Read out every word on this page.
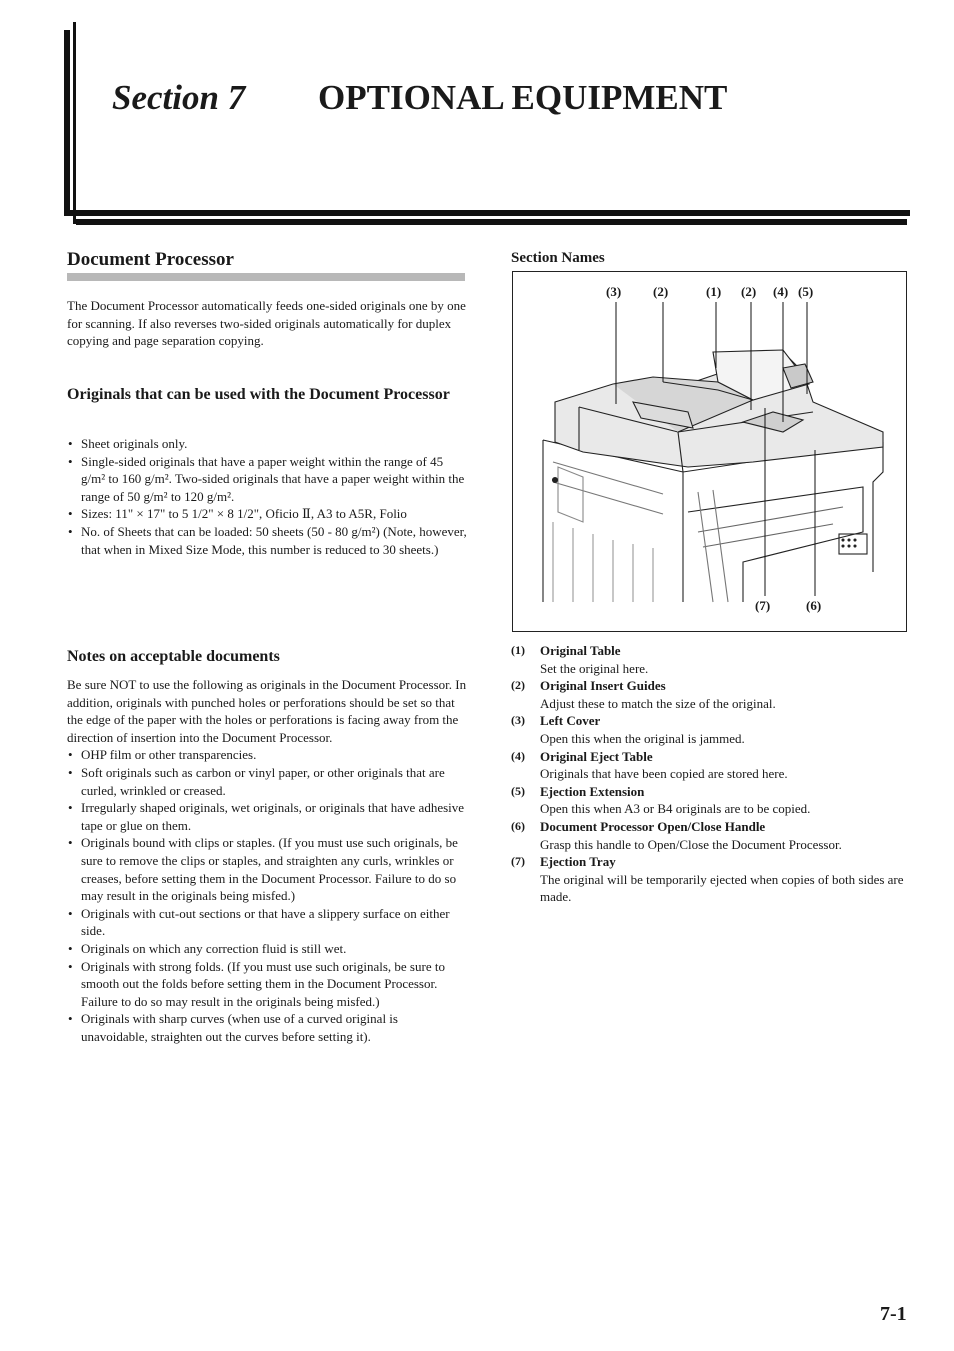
Section 7 OPTIONAL EQUIPMENT
Document Processor

The Document Processor automatically feeds one-sided originals one by one for scanning. If also reverses two-sided originals automatically for duplex copying and page separation copying.

Originals that can be used with the Document Processor
• Sheet originals only.
• Single-sided originals that have a paper weight within the range of 45 g/m² to 160 g/m². Two-sided originals that have a paper weight within the range of 50 g/m² to 120 g/m².
• Sizes: 11" × 17" to 5 1/2" × 8 1/2", Oficio Ⅱ, A3 to A5R, Folio
• No. of Sheets that can be loaded: 50 sheets (50 - 80 g/m²) (Note, however, that when in Mixed Size Mode, this number is reduced to 30 sheets.)
Notes on acceptable documents

Be sure NOT to use the following as originals in the Document Processor. In addition, originals with punched holes or perforations should be set so that the edge of the paper with the holes or perforations is facing away from the direction of insertion into the Document Processor.

• OHP film or other transparencies.
• Soft originals such as carbon or vinyl paper, or other originals that are curled, wrinkled or creased.
• Irregularly shaped originals, wet originals, or originals that have adhesive tape or glue on them.
• Originals bound with clips or staples. (If you must use such originals, be sure to remove the clips or staples, and straighten any curls, wrinkles or creases, before setting them in the Document Processor. Failure to do so may result in the originals being misfed.)
• Originals with cut-out sections or that have a slippery surface on either side.
• Originals on which any correction fluid is still wet.
• Originals with strong folds. (If you must use such originals, be sure to smooth out the folds before setting them in the Document Processor. Failure to do so may result in the originals being misfed.)
• Originals with sharp curves (when use of a curved original is unavoidable, straighten out the curves before setting it).
Section Names
(3) (2)	(1) (2) (4) (5)
(7)	(6)
(1)	Original Table
Set the original here.
(2)	Original Insert Guides
Adjust these to match the size of the original.
(3)	Left Cover
Open this when the original is jammed.
(4)	Original Eject Table
Originals that have been copied are stored here.
(5)	Ejection Extension
Open this when A3 or B4 originals are to be copied.
(6)	Document Processor Open/Close Handle
Grasp this handle to Open/Close the Document Processor.
(7)	Ejection Tray
The original will be temporarily ejected when copies of both sides are made.
7-1
